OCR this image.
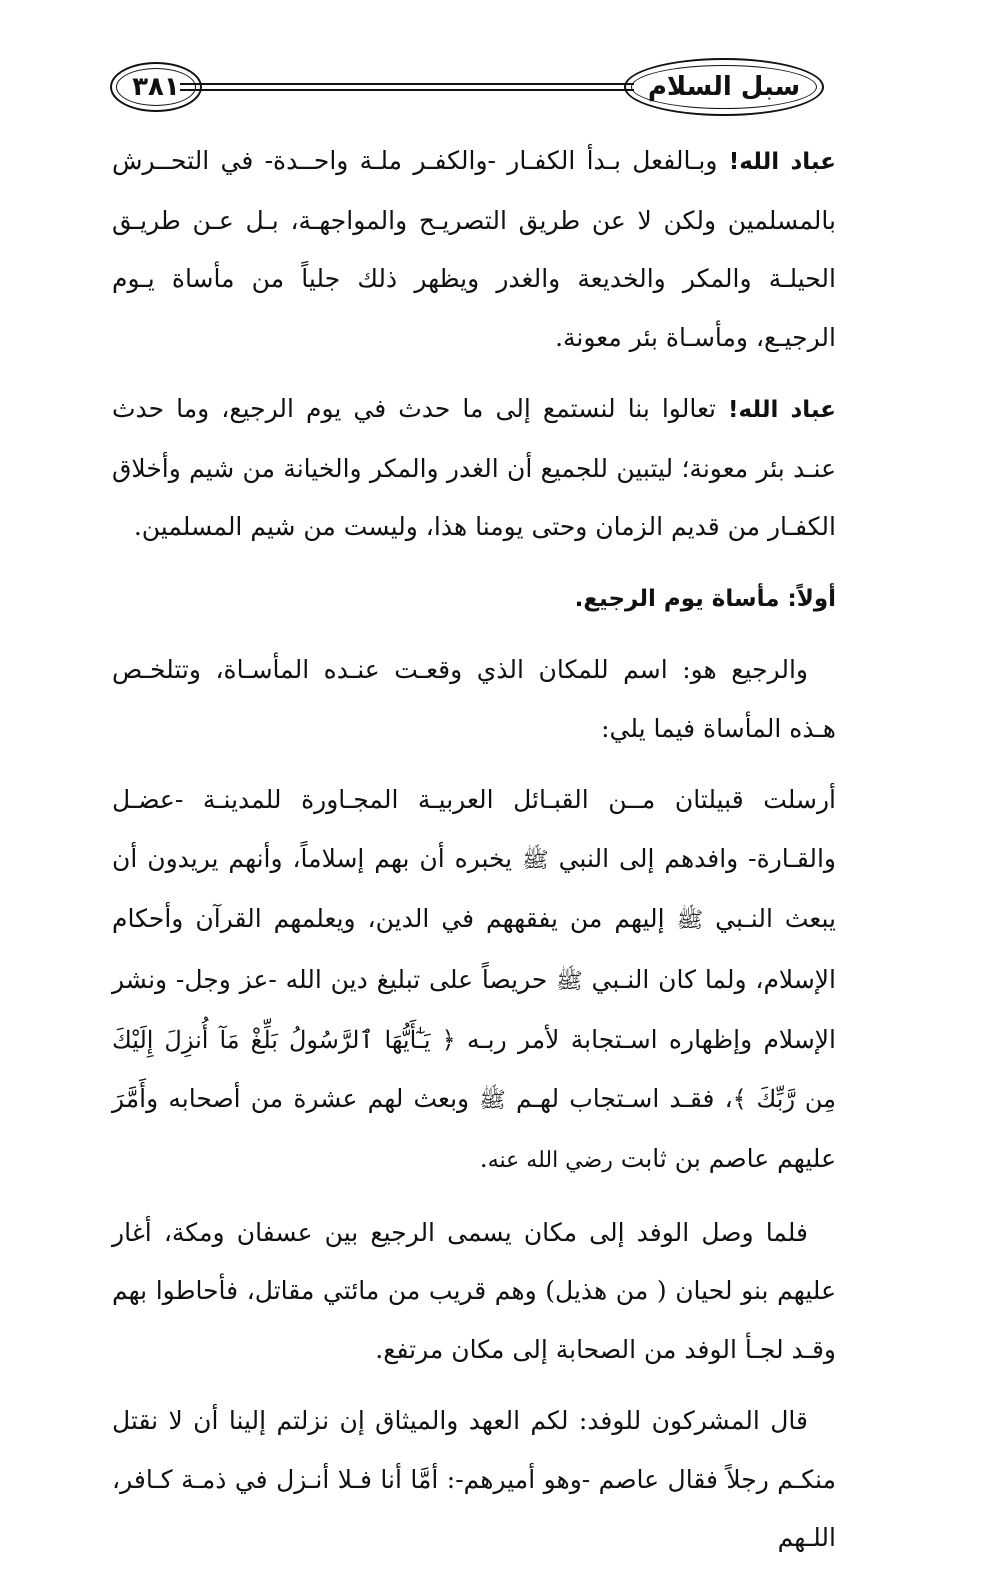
٣٨١	سبل السلام

عباد الله! وبـالفعل بـدأ الكفـار -والكفـر ملـة واحــدة- في التحــرش بالمسلمين ولكن لا عن طريق التصريـح والمواجهـة، بـل عـن طريـق الحيلـة والمكر والخديعة والغدر ويظهر ذلك جلياً من مأساة يـوم الرجيـع، ومأسـاة بئر معونة.

عباد الله! تعالوا بنا لنستمع إلى ما حدث في يوم الرجيع، وما حدث عنـد بئر معونة؛ ليتبين للجميع أن الغدر والمكر والخيانة من شيم وأخلاق الكفـار من قديم الزمان وحتى يومنا هذا، وليست من شيم المسلمين.

أولاً: مأساة يوم الرجيع.

والرجيع هو: اسم للمكان الذي وقعـت عنـده المأسـاة، وتتلخـص هـذه المأساة فيما يلي:

أرسلت قبيلتان مــن القبـائل العربيـة المجـاورة للمدينـة -عضـل والقـارة- وافدهم إلى النبي ﷺ يخبره أن بهم إسلاماً، وأنهم يريدون أن يبعث النـبي ﷺ إليهم من يفقههم في الدين، ويعلمهم القرآن وأحكام الإسلام، ولما كان النـبي ﷺ حريصاً على تبليغ دين الله -عز وجل- ونشر الإسلام وإظهاره اسـتجابة لأمر ربـه ﴿ يَـٰٓأَيُّهَا ٱلرَّسُولُ بَلِّغْ مَآ أُنزِلَ إِلَيْكَ مِن رَّبِّكَ ﴾، فقـد اسـتجاب لهـم ﷺ وبعث لهم عشرة من أصحابه وأَمَّرَ عليهم عاصم بن ثابت رضي الله عنه.

فلما وصل الوفد إلى مكان يسمى الرجيع بين عسفان ومكة، أغار عليهم بنو لحيان ( من هذيل) وهم قريب من مائتي مقاتل، فأحاطوا بهم وقـد لجـأ الوفد من الصحابة إلى مكان مرتفع.

قال المشركون للوفد: لكم العهد والميثاق إن نزلتم إلينا أن لا نقتل منكـم رجلاً فقال عاصم -وهو أميرهم-: أمَّا أنا فـلا أنـزل في ذمـة كـافر، اللـهم
